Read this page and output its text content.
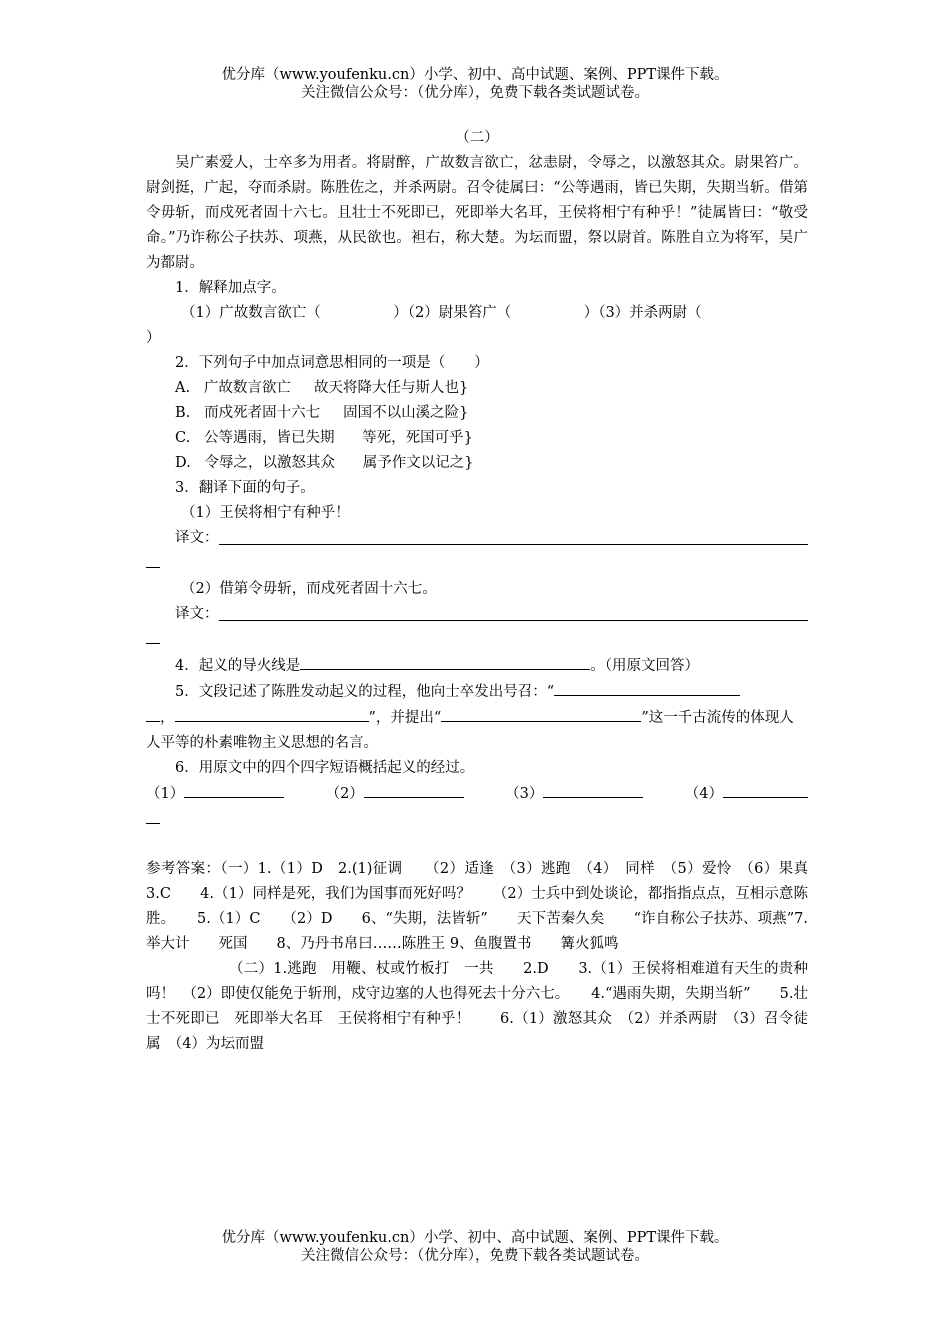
优分库（www.youfenku.cn）小学、初中、高中试题、案例、PPT课件下载。
关注微信公众号：（优分库），免费下载各类试题试卷。
（二）
吴广素爱人，士卒多为用者。将尉醉，广故数言欲亡，忿恚尉，令辱之，以激怒其众。尉果笞广。尉剑挺，广起，夺而杀尉。陈胜佐之，并杀两尉。召令徒属曰：“公等遇雨，皆已失期，失期当斩。借第令毋斩，而戍死者固十六七。且壮士不死即已，死即举大名耳，王侯将相宁有种乎！”徒属皆曰：“敬受命。”乃诈称公子扶苏、项燕，从民欲也。袒右，称大楚。为坛而盟，祭以尉首。陈胜自立为将军，吴广为都尉。
1．解释加点字。
（1）广故数言欲亡（　　　　　）（2）尉果笞广（　　　　　）（3）并杀两尉（
）
2．下列句子中加点词意思相同的一项是（　　）
A. 广故数言欲亡 故天将降大任与斯人也}
B. 而戍死者固十六七 固国不以山溪之险}
C. 公等遇雨，皆已失期 等死，死国可乎}
D. 令辱之，以激怒其众 属予作文以记之}
3．翻译下面的句子。
（1）王侯将相宁有种乎！
译文：
（2）借第令毋斩，而戍死者固十六七。
译文：
4．起义的导火线是	。（用原文回答）
5．文段记述了陈胜发动起义的过程，他向士卒发出号召：“
，	”，并提出“	”这一千古流传的体现人人平等的朴素唯物主义思想的名言。
6．用原文中的四个四字短语概括起义的经过。
（1）	（2）	（3）	（4）
参考答案：（一）1.（1）D　2.(1)征调　　（2）适逢　（3）逃跑　（4）　同样　（5）爱怜　（6）果真　　3.C　　4.（1）同样是死，我们为国事而死好吗？　　（2）士兵中到处谈论，都指指点点，互相示意陈胜。　　5.（1）C　　（2）D　　6、“失期，法皆斩”　　天下苦秦久矣　　“诈自称公子扶苏、项燕”7.举大计　　死国　　8、乃丹书帛曰……陈胜王 9、鱼腹置书　　篝火狐鸣
（二）1.逃跑　用鞭、杖或竹板打　一共　　2.D　　3.（1）王侯将相难道有天生的贵种吗！　（2）即使仅能免于斩刑，戍守边塞的人也得死去十分六七。　　4.“遇雨失期，失期当斩”　　5.壮士不死即已　死即举大名耳　王侯将相宁有种乎！　　6.（1）激怒其众　（2）并杀两尉　（3）召令徒属　（4）为坛而盟
优分库（www.youfenku.cn）小学、初中、高中试题、案例、PPT课件下载。
关注微信公众号：（优分库），免费下载各类试题试卷。
